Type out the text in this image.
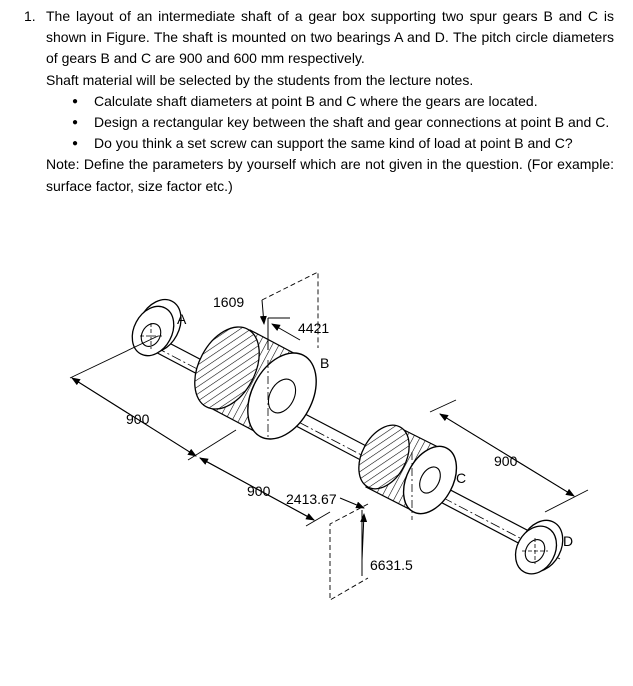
1. The layout of an intermediate shaft of a gear box supporting two spur gears B and C is shown in Figure. The shaft is mounted on two bearings A and D. The pitch circle diameters of gears B and C are 900 and 600 mm respectively.

Shaft material will be selected by the students from the lecture notes.

● Calculate shaft diameters at point B and C where the gears are located.
● Design a rectangular key between the shaft and gear connections at point B and C.
● Do you think a set screw can support the same kind of load at point B and C?

Note: Define the parameters by yourself which are not given in the question. (For example: surface factor, size factor etc.)

A
1609
4421
B
900
900 2413.67
C
900
D
6631.5
